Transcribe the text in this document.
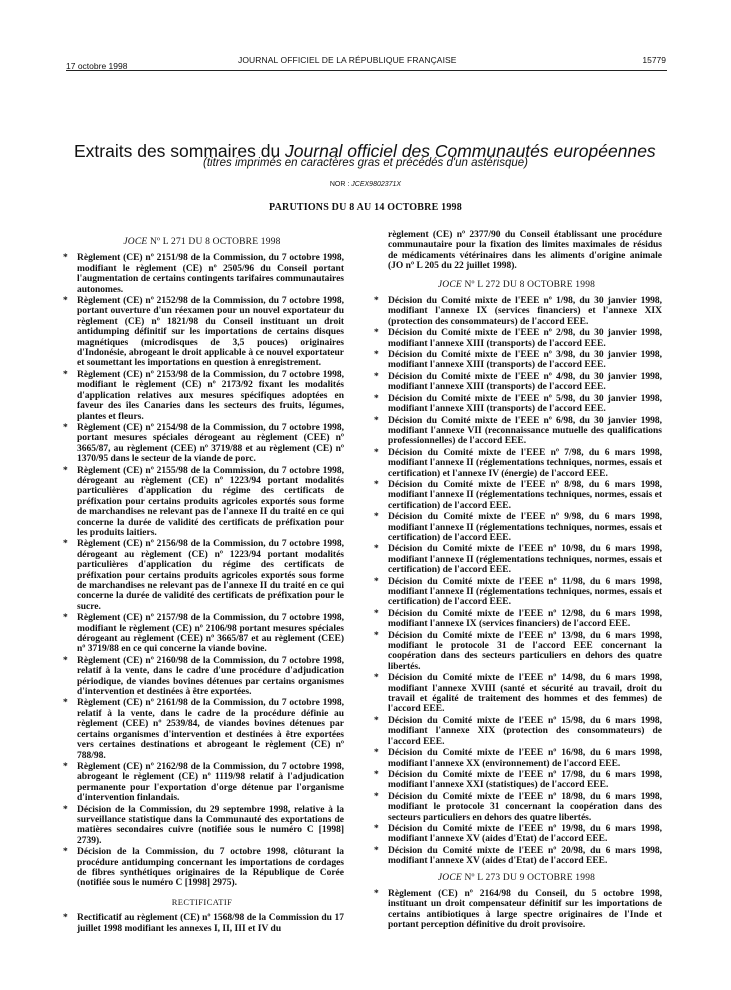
17 octobre 1998
JOURNAL OFFICIEL DE LA RÉPUBLIQUE FRANÇAISE	15779
Extraits des sommaires du Journal officiel des Communautés européennes
(titres imprimés en caractères gras et précédés d'un astérisque)
NOR : JCEX9802371X
PARUTIONS DU 8 AU 14 OCTOBRE 1998
JOCE Nº L 271 DU 8 OCTOBRE 1998
* Règlement (CE) nº 2151/98 de la Commission, du 7 octobre 1998, modifiant le règlement (CE) nº 2505/96 du Conseil portant l'augmentation de certains contingents tarifaires communautaires autonomes.
* Règlement (CE) nº 2152/98 de la Commission, du 7 octobre 1998, portant ouverture d'un réexamen pour un nouvel exportateur du règlement (CE) nº 1821/98 du Conseil instituant un droit antidumping définitif sur les importations de certains disques magnétiques (microdisques de 3,5 pouces) originaires d'Indonésie, abrogeant le droit applicable à ce nouvel exportateur et soumettant les importations en question à enregistrement.
* Règlement (CE) nº 2153/98 de la Commission, du 7 octobre 1998, modifiant le règlement (CE) nº 2173/92 fixant les modalités d'application relatives aux mesures spécifiques adoptées en faveur des îles Canaries dans les secteurs des fruits, légumes, plantes et fleurs.
* Règlement (CE) nº 2154/98 de la Commission, du 7 octobre 1998, portant mesures spéciales dérogeant au règlement (CEE) nº 3665/87, au règlement (CEE) nº 3719/88 et au règlement (CE) nº 1370/95 dans le secteur de la viande de porc.
* Règlement (CE) nº 2155/98 de la Commission, du 7 octobre 1998, dérogeant au règlement (CE) nº 1223/94 portant modalités particulières d'application du régime des certificats de préfixation pour certains produits agricoles exportés sous forme de marchandises ne relevant pas de l'annexe II du traité en ce qui concerne la durée de validité des certificats de préfixation pour les produits laitiers.
* Règlement (CE) nº 2156/98 de la Commission, du 7 octobre 1998, dérogeant au règlement (CE) nº 1223/94 portant modalités particulières d'application du régime des certificats de préfixation pour certains produits agricoles exportés sous forme de marchandises ne relevant pas de l'annexe II du traité en ce qui concerne la durée de validité des certificats de préfixation pour le sucre.
* Règlement (CE) nº 2157/98 de la Commission, du 7 octobre 1998, modifiant le règlement (CE) nº 2106/98 portant mesures spéciales dérogeant au règlement (CEE) nº 3665/87 et au règlement (CEE) nº 3719/88 en ce qui concerne la viande bovine.
* Règlement (CE) nº 2160/98 de la Commission, du 7 octobre 1998, relatif à la vente, dans le cadre d'une procédure d'adjudication périodique, de viandes bovines détenues par certains organismes d'intervention et destinées à être exportées.
* Règlement (CE) nº 2161/98 de la Commission, du 7 octobre 1998, relatif à la vente, dans le cadre de la procédure définie au règlement (CEE) nº 2539/84, de viandes bovines détenues par certains organismes d'intervention et destinées à être exportées vers certaines destinations et abrogeant le règlement (CE) nº 788/98.
* Règlement (CE) nº 2162/98 de la Commission, du 7 octobre 1998, abrogeant le règlement (CE) nº 1119/98 relatif à l'adjudication permanente pour l'exportation d'orge détenue par l'organisme d'intervention finlandais.
* Décision de la Commission, du 29 septembre 1998, relative à la surveillance statistique dans la Communauté des exportations de matières secondaires cuivre (notifiée sous le numéro C [1998] 2739).
* Décision de la Commission, du 7 octobre 1998, clôturant la procédure antidumping concernant les importations de cordages de fibres synthétiques originaires de la République de Corée (notifiée sous le numéro C [1998] 2975).
RECTIFICATIF
* Rectificatif au règlement (CE) nº 1568/98 de la Commission du 17 juillet 1998 modifiant les annexes I, II, III et IV du
règlement (CE) nº 2377/90 du Conseil établissant une procédure communautaire pour la fixation des limites maximales de résidus de médicaments vétérinaires dans les aliments d'origine animale (JO nº L 205 du 22 juillet 1998).
JOCE Nº L 272 DU 8 OCTOBRE 1998
* Décision du Comité mixte de l'EEE nº 1/98, du 30 janvier 1998, modifiant l'annexe IX (services financiers) et l'annexe XIX (protection des consommateurs) de l'accord EEE.
* Décision du Comité mixte de l'EEE nº 2/98, du 30 janvier 1998, modifiant l'annexe XIII (transports) de l'accord EEE.
* Décision du Comité mixte de l'EEE nº 3/98, du 30 janvier 1998, modifiant l'annexe XIII (transports) de l'accord EEE.
* Décision du Comité mixte de l'EEE nº 4/98, du 30 janvier 1998, modifiant l'annexe XIII (transports) de l'accord EEE.
* Décision du Comité mixte de l'EEE nº 5/98, du 30 janvier 1998, modifiant l'annexe XIII (transports) de l'accord EEE.
* Décision du Comité mixte de l'EEE nº 6/98, du 30 janvier 1998, modifiant l'annexe VII (reconnaissance mutuelle des qualifications professionnelles) de l'accord EEE.
* Décision du Comité mixte de l'EEE nº 7/98, du 6 mars 1998, modifiant l'annexe II (réglementations techniques, normes, essais et certification) et l'annexe IV (énergie) de l'accord EEE.
* Décision du Comité mixte de l'EEE nº 8/98, du 6 mars 1998, modifiant l'annexe II (réglementations techniques, normes, essais et certification) de l'accord EEE.
* Décision du Comité mixte de l'EEE nº 9/98, du 6 mars 1998, modifiant l'annexe II (réglementations techniques, normes, essais et certification) de l'accord EEE.
* Décision du Comité mixte de l'EEE nº 10/98, du 6 mars 1998, modifiant l'annexe II (réglementations techniques, normes, essais et certification) de l'accord EEE.
* Décision du Comité mixte de l'EEE nº 11/98, du 6 mars 1998, modifiant l'annexe II (réglementations techniques, normes, essais et certification) de l'accord EEE.
* Décision du Comité mixte de l'EEE nº 12/98, du 6 mars 1998, modifiant l'annexe IX (services financiers) de l'accord EEE.
* Décision du Comité mixte de l'EEE nº 13/98, du 6 mars 1998, modifiant le protocole 31 de l'accord EEE concernant la coopération dans des secteurs particuliers en dehors des quatre libertés.
* Décision du Comité mixte de l'EEE nº 14/98, du 6 mars 1998, modifiant l'annexe XVIII (santé et sécurité au travail, droit du travail et égalité de traitement des hommes et des femmes) de l'accord EEE.
* Décision du Comité mixte de l'EEE nº 15/98, du 6 mars 1998, modifiant l'annexe XIX (protection des consommateurs) de l'accord EEE.
* Décision du Comité mixte de l'EEE nº 16/98, du 6 mars 1998, modifiant l'annexe XX (environnement) de l'accord EEE.
* Décision du Comité mixte de l'EEE nº 17/98, du 6 mars 1998, modifiant l'annexe XXI (statistiques) de l'accord EEE.
* Décision du Comité mixte de l'EEE nº 18/98, du 6 mars 1998, modifiant le protocole 31 concernant la coopération dans des secteurs particuliers en dehors des quatre libertés.
* Décision du Comité mixte de l'EEE nº 19/98, du 6 mars 1998, modifiant l'annexe XV (aides d'Etat) de l'accord EEE.
* Décision du Comité mixte de l'EEE nº 20/98, du 6 mars 1998, modifiant l'annexe XV (aides d'Etat) de l'accord EEE.
JOCE Nº L 273 DU 9 OCTOBRE 1998
* Règlement (CE) nº 2164/98 du Conseil, du 5 octobre 1998, instituant un droit compensateur définitif sur les importations de certains antibiotiques à large spectre originaires de l'Inde et portant perception définitive du droit provisoire.
